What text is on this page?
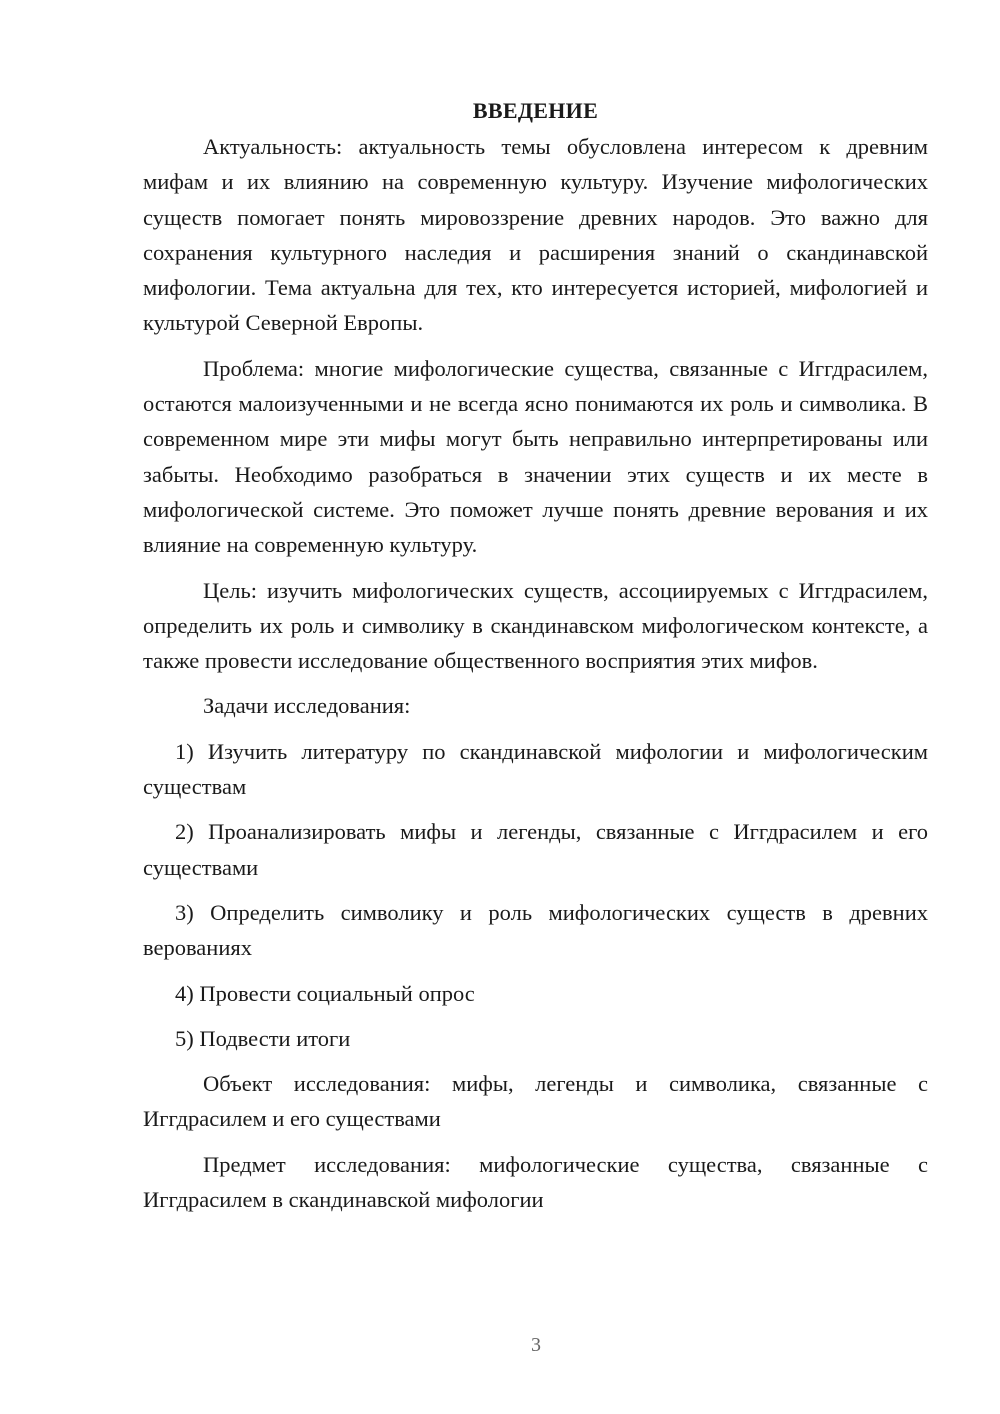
ВВЕДЕНИЕ

Актуальность: актуальность темы обусловлена интересом к древним мифам и их влиянию на современную культуру. Изучение мифологических существ помогает понять мировоззрение древних народов. Это важно для сохранения культурного наследия и расширения знаний о скандинавской мифологии. Тема актуальна для тех, кто интересуется историей, мифологией и культурой Северной Европы.

Проблема: многие мифологические существа, связанные с Иггдрасилем, остаются малоизученными и не всегда ясно понимаются их роль и символика. В современном мире эти мифы могут быть неправильно интерпретированы или забыты. Необходимо разобраться в значении этих существ и их месте в мифологической системе. Это поможет лучше понять древние верования и их влияние на современную культуру.

Цель: изучить мифологических существ, ассоциируемых с Иггдрасилем, определить их роль и символику в скандинавском мифологическом контексте, а также провести исследование общественного восприятия этих мифов.

Задачи исследования:

1) Изучить литературу по скандинавской мифологии и мифологическим существам

2) Проанализировать мифы и легенды, связанные с Иггдрасилем и его существами

3) Определить символику и роль мифологических существ в древних верованиях

4) Провести социальный опрос

5) Подвести итоги

Объект исследования: мифы, легенды и символика, связанные с Иггдрасилем и его существами

Предмет исследования: мифологические существа, связанные с Иггдрасилем в скандинавской мифологии

3
